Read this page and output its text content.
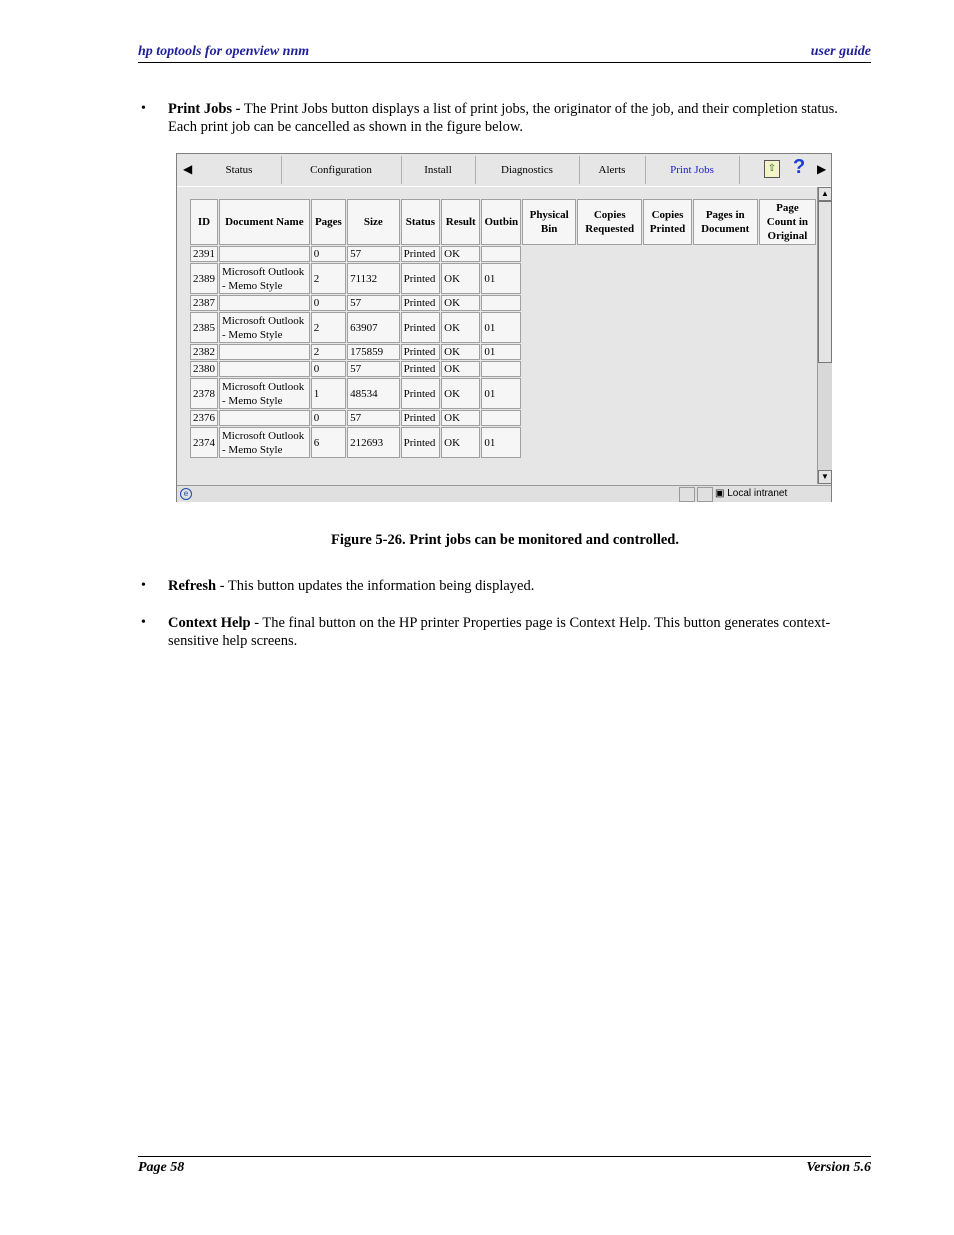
hp toptools for openview nnm	user guide
• Print Jobs - The Print Jobs button displays a list of print jobs, the originator of the job, and their completion status. Each print job can be cancelled as shown in the figure below.
◀	Status	Configuration	Install	Diagnostics	Alerts	Print Jobs	⇧ ? ▶
ID	Document Name	Pages	Size	Status	Result	Outbin	Physical Bin	Copies Requested	Copies Printed	Pages in Document	Page Count in Original
2391		0	57	Printed	OK						
2389	Microsoft Outlook - Memo Style	2	71132	Printed	OK	01					
2387		0	57	Printed	OK						
2385	Microsoft Outlook - Memo Style	2	63907	Printed	OK	01					
2382		2	175859	Printed	OK	01					
2380		0	57	Printed	OK						
2378	Microsoft Outlook - Memo Style	1	48534	Printed	OK	01					
2376		0	57	Printed	OK						
2374	Microsoft Outlook - Memo Style	6	212693	Printed	OK	01					
▲
▼
e	▣ Local intranet
Figure 5-26. Print jobs can be monitored and controlled.
• Refresh - This button updates the information being displayed.
• Context Help - The final button on the HP printer Properties page is Context Help. This button generates context-sensitive help screens.
Page 58	Version 5.6
